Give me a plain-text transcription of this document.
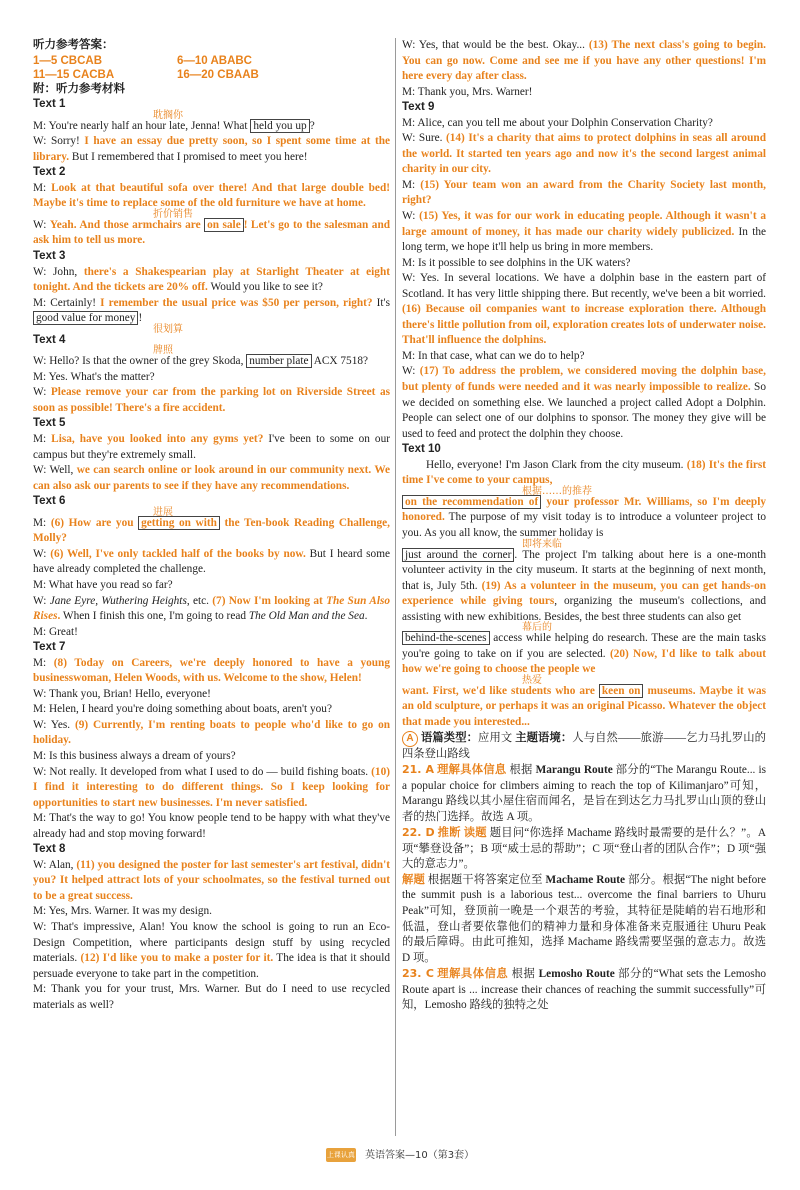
听力参考答案：
1—5 CBCAB	6—10 ABABC
11—15 CACBA	16—20 CBAAB
附：听力参考材料
Text 1
耽搁你

M: You're nearly half an hour late, Jenna! What held you up ?

W: Sorry! I have an essay due pretty soon, so I spent some time at the library. But I remembered that I promised to meet you here!

Text 2

M: Look at that beautiful sofa over there! And that large double bed! Maybe it's time to replace some of the old furniture we have at home.

折价销售

W: Yeah. And those armchairs are on sale ! Let's go to the salesman and ask him to tell us more.

Text 3

W: John, there's a Shakespearian play at Starlight Theater at eight tonight. And the tickets are 20% off. Would you like to see it?

M: Certainly! I remember the usual price was $50 per person, right? It's good value for money !

很划算
Text 4
牌照

W: Hello? Is that the owner of the grey Skoda, number plate ACX 7518?

M: Yes. What's the matter?

W: Please remove your car from the parking lot on Riverside Street as soon as possible! There's a fire accident.

Text 5

M: Lisa, have you looked into any gyms yet? I've been to some on our campus but they're extremely small.

W: Well, we can search online or look around in our community next. We can also ask our parents to see if they have any recommendations.

Text 6
进展

M: (6) How are you getting on with the Ten-book Reading Challenge, Molly?

W: (6) Well, I've only tackled half of the books by now. But I heard some have already completed the challenge.

M: What have you read so far?

W: Jane Eyre, Wuthering Heights, etc. (7) Now I'm looking at The Sun Also Rises. When I finish this one, I'm going to read The Old Man and the Sea.

M: Great!

Text 7

M: (8) Today on Careers, we're deeply honored to have a young businesswoman, Helen Woods, with us. Welcome to the show, Helen!

W: Thank you, Brian! Hello, everyone!

M: Helen, I heard you're doing something about boats, aren't you?

W: Yes. (9) Currently, I'm renting boats to people who'd like to go on holiday.

M: Is this business always a dream of yours?

W: Not really. It developed from what I used to do — build fishing boats. (10) I find it interesting to do different things. So I keep looking for opportunities to start new businesses. I'm never satisfied.

M: That's the way to go! You know people tend to be happy with what they've already had and stop moving forward!

Text 8

W: Alan, (11) you designed the poster for last semester's art festival, didn't you? It helped attract lots of your schoolmates, so the festival turned out to be a great success.

M: Yes, Mrs. Warner. It was my design.

W: That's impressive, Alan! You know the school is going to run an Eco-Design Competition, where participants design stuff by using recycled materials. (12) I'd like you to make a poster for it. The idea is that it should persuade everyone to take part in the competition.

M: Thank you for your trust, Mrs. Warner. But do I need to use recycled materials as well?

W: Yes, that would be the best. Okay... (13) The next class's going to begin. You can go now. Come and see me if you have any other questions! I'm here every day after class.

M: Thank you, Mrs. Warner!

Text 9

M: Alice, can you tell me about your Dolphin Conservation Charity?

W: Sure. (14) It's a charity that aims to protect dolphins in seas all around the world. It started ten years ago and now it's the second largest animal charity in our city.

M: (15) Your team won an award from the Charity Society last month, right?

W: (15) Yes, it was for our work in educating people. Although it wasn't a large amount of money, it has made our charity widely publicized. In the long term, we hope it'll help us bring in more members.

M: Is it possible to see dolphins in the UK waters?

W: Yes. In several locations. We have a dolphin base in the eastern part of Scotland. It has very little shipping there. But recently, we've been a bit worried. (16) Because oil companies want to increase exploration there. Although there's little pollution from oil, exploration creates lots of underwater noise. That'll influence the dolphins.

M: In that case, what can we do to help?

W: (17) To address the problem, we considered moving the dolphin base, but plenty of funds were needed and it was nearly impossible to realize. So we decided on something else. We launched a project called Adopt a Dolphin. People can select one of our dolphins to sponsor. The money they give will be used to feed and protect the dolphin they choose.

Text 10

Hello, everyone! I'm Jason Clark from the city museum. (18) It's the first time I've come to your campus,

根据……的推荐

on the recommendation of your professor Mr. Williams, so I'm deeply honored. The purpose of my visit today is to introduce a volunteer project to you. As you all know, the summer holiday is

即将来临

just around the corner . The project I'm talking about here is a one-month volunteer activity in the city museum. It starts at the beginning of next month, that is, July 5th. (19) As a volunteer in the museum, you can get hands-on experience while giving tours, organizing the museum's collections, and assisting with new exhibitions. Besides, the best three students can also get

幕后的

behind-the-scenes access while helping do research. These are the main tasks you're going to take on if you are selected. (20) Now, I'd like to talk about how we're going to choose the people we

热爱

want. First, we'd like students who are keen on museums. Maybe it was an old sculpture, or perhaps it was an original Picasso. Whatever the object that made you interested...

A 语篇类型：应用文 主题语境：人与自然——旅游——乞力马扎罗山的四条登山路线

21. A 理解具体信息 根据 Marangu Route 部分的“The Marangu Route... is a popular choice for climbers aiming to reach the top of Kilimanjaro”可知，Marangu 路线以其小屋住宿而闻名，是旨在到达乞力马扎罗山山顶的登山者的热门选择。故选 A 项。

22. D 推断 读题 题目问“你选择 Machame 路线时最需要的是什么？”。A 项“攀登设备”；B 项“威士忌的帮助”；C 项“登山者的团队合作”；D 项“强大的意志力”。

解题 根据题干将答案定位至 Machame Route 部分。根据“The night before the summit push is a laborious test... overcome the final barriers to Uhuru Peak”可知，登顶前一晚是一个艰苦的考验，其特征是陡峭的岩石地形和低温，登山者要依靠他们的精神力量和身体准备来克服通往 Uhuru Peak 的最后障碍。由此可推知，选择 Machame 路线需要坚强的意志力。故选 D 项。

23. C 理解具体信息 根据 Lemosho Route 部分的“What sets the Lemosho Route apart is ... increase their chances of reaching the summit successfully”可知，Lemosho 路线的独特之处

上课认真听 下课练大册 英语答案—10（第3套）
